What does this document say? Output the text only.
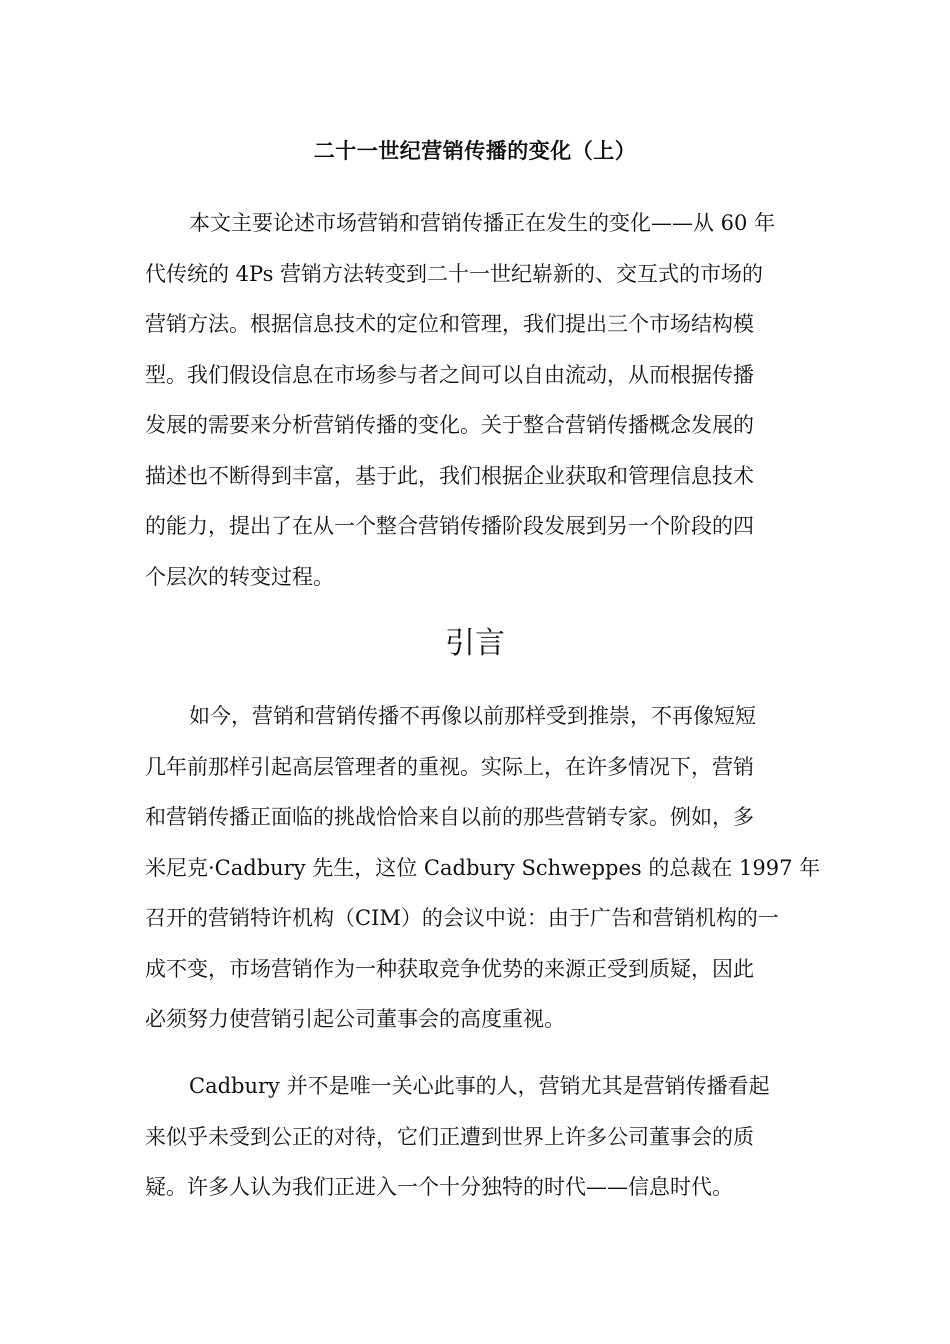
二十一世纪营销传播的变化（上）
本文主要论述市场营销和营销传播正在发生的变化——从 60 年
代传统的 4Ps 营销方法转变到二十一世纪崭新的、交互式的市场的
营销方法。根据信息技术的定位和管理，我们提出三个市场结构模
型。我们假设信息在市场参与者之间可以自由流动，从而根据传播
发展的需要来分析营销传播的变化。关于整合营销传播概念发展的
描述也不断得到丰富，基于此，我们根据企业获取和管理信息技术
的能力，提出了在从一个整合营销传播阶段发展到另一个阶段的四
个层次的转变过程。
引言
如今，营销和营销传播不再像以前那样受到推崇，不再像短短
几年前那样引起高层管理者的重视。实际上，在许多情况下，营销
和营销传播正面临的挑战恰恰来自以前的那些营销专家。例如，多
米尼克·Cadbury 先生，这位 Cadbury Schweppes 的总裁在 1997 年
召开的营销特许机构（CIM）的会议中说：由于广告和营销机构的一
成不变，市场营销作为一种获取竞争优势的来源正受到质疑，因此
必须努力使营销引起公司董事会的高度重视。
Cadbury 并不是唯一关心此事的人，营销尤其是营销传播看起
来似乎未受到公正的对待，它们正遭到世界上许多公司董事会的质
疑。许多人认为我们正进入一个十分独特的时代——信息时代。
